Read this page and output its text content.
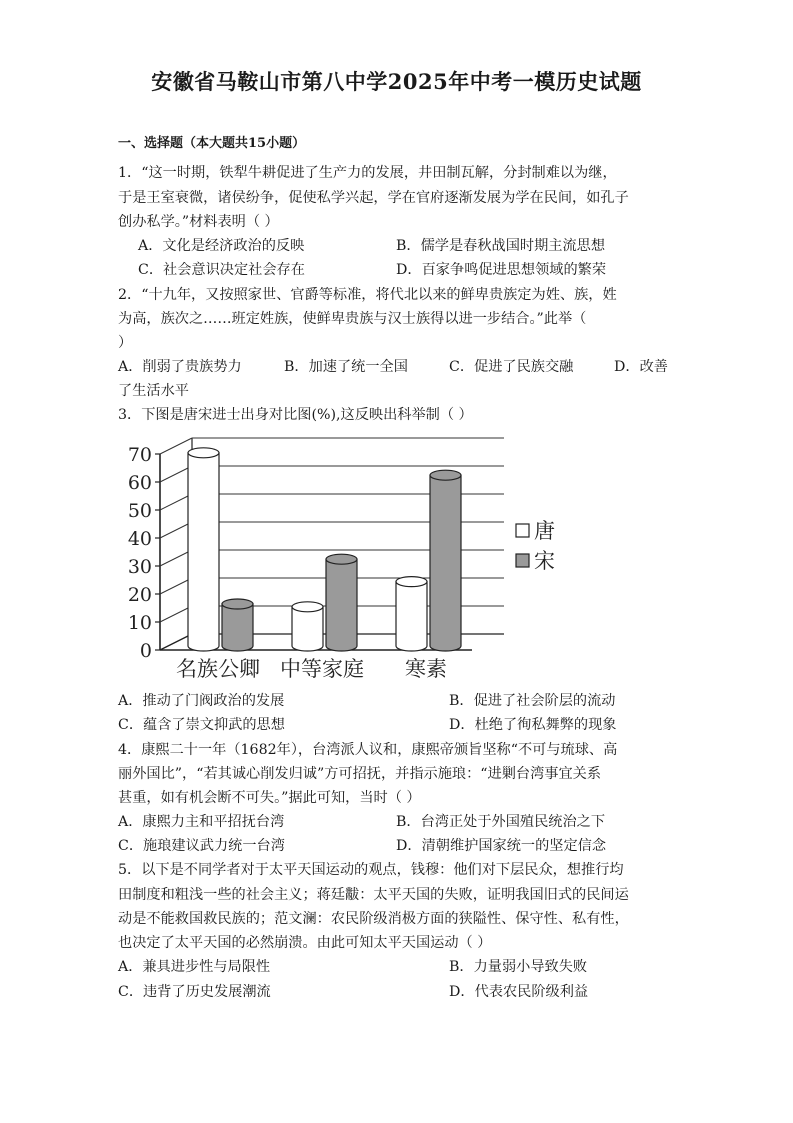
安徽省马鞍山市第八中学2025年中考一模历史试题
一、选择题（本大题共15小题）
1．“这一时期，铁犁牛耕促进了生产力的发展，井田制瓦解，分封制难以为继，
于是王室衰微，诸侯纷争，促使私学兴起，学在官府逐渐发展为学在民间，如孔子
创办私学。”材料表明（ ）
A．文化是经济政治的反映	B．儒学是春秋战国时期主流思想
C．社会意识决定社会存在	D．百家争鸣促进思想领域的繁荣
2．“十九年，又按照家世、官爵等标准，将代北以来的鲜卑贵族定为姓、族，姓
为高，族次之……班定姓族，使鲜卑贵族与汉士族得以进一步结合。”此举（
）
A．削弱了贵族势力	B．加速了统一全国	C．促进了民族交融	D．改善
了生活水平
3．下图是唐宋进士出身对比图(%),这反映出科举制（ ）
0
10
20
30
40
50
60
70
名族公卿 中等家庭 寒素
唐
宋
A．推动了门阀政治的发展	B．促进了社会阶层的流动
C．蕴含了崇文抑武的思想	D．杜绝了徇私舞弊的现象
4．康熙二十一年（1682年），台湾派人议和，康熙帝颁旨坚称“不可与琉球、高
丽外国比”，“若其诚心削发归诚”方可招抚，并指示施琅：“进剿台湾事宜关系
甚重，如有机会断不可失。”据此可知，当时（ ）
A．康熙力主和平招抚台湾	B．台湾正处于外国殖民统治之下
C．施琅建议武力统一台湾	D．清朝维护国家统一的坚定信念
5．以下是不同学者对于太平天国运动的观点，钱穆：他们对下层民众，想推行均
田制度和粗浅一些的社会主义；蒋廷黻：太平天国的失败，证明我国旧式的民间运
动是不能救国救民族的；范文澜：农民阶级消极方面的狭隘性、保守性、私有性，
也决定了太平天国的必然崩溃。由此可知太平天国运动（ ）
A．兼具进步性与局限性	B．力量弱小导致失败
C．违背了历史发展潮流	D．代表农民阶级利益
